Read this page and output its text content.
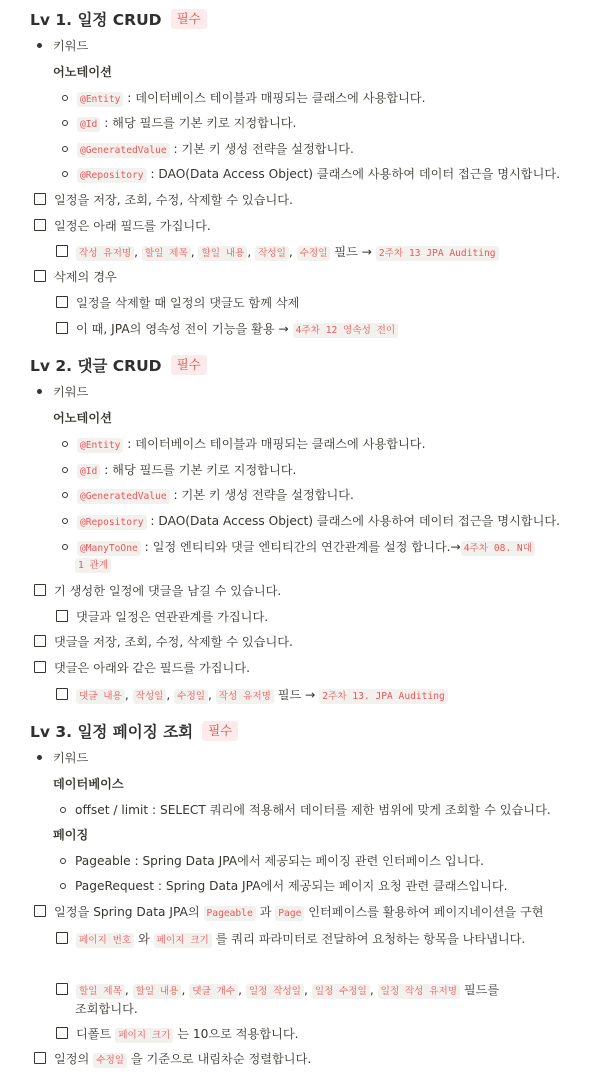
Lv 1. 일정 CRUD	필수
키워드
어노테이션
@Entity : 데이터베이스 테이블과 매핑되는 클래스에 사용합니다.
@Id : 해당 필드를 기본 키로 지정합니다.
@GeneratedValue : 기본 키 생성 전략을 설정합니다.
@Repository : DAO(Data Access Object) 클래스에 사용하여 데이터 접근을 명시합니다.
일정을 저장, 조회, 수정, 삭제할 수 있습니다.
일정은 아래 필드를 가집니다.
작성 유저명 , 할일 제목 , 할일 내용 , 작성일 , 수정일 필드 → 2주차 13 JPA Auditing
삭제의 경우
일정을 삭제할 때 일정의 댓글도 함께 삭제
이 때, JPA의 영속성 전이 기능을 활용 → 4주차 12 영속성 전이
Lv 2. 댓글 CRUD	필수
키워드
어노테이션
@Entity : 데이터베이스 테이블과 매핑되는 클래스에 사용합니다.
@Id : 해당 필드를 기본 키로 지정합니다.
@GeneratedValue : 기본 키 생성 전략을 설정합니다.
@Repository : DAO(Data Access Object) 클래스에 사용하여 데이터 접근을 명시합니다.
@ManyToOne : 일정 엔티티와 댓글 엔티티간의 연간관계를 설정 합니다.→ 4주차 08. N대
1 관계
기 생성한 일정에 댓글을 남길 수 있습니다.
댓글과 일정은 연관관계를 가집니다.
댓글을 저장, 조회, 수정, 삭제할 수 있습니다.
댓글은 아래와 같은 필드를 가집니다.
댓글 내용 , 작성일 , 수정일 , 작성 유저명 필드 → 2주차 13. JPA Auditing
Lv 3. 일정 페이징 조회	필수
키워드
데이터베이스
offset / limit : SELECT 쿼리에 적용해서 데이터를 제한 범위에 맞게 조회할 수 있습니다.
페이징
Pageable : Spring Data JPA에서 제공되는 페이징 관련 인터페이스 입니다.
PageRequest : Spring Data JPA에서 제공되는 페이지 요청 관련 클래스입니다.
일정을 Spring Data JPA의 Pageable 과 Page 인터페이스를 활용하여 페이지네이션을 구현
페이지 번호 와 페이지 크기 를 쿼리 파라미터로 전달하여 요청하는 항목을 나타냅니다.
할일 제목 , 할일 내용 , 댓글 개수 , 일정 작성일 , 일정 수정일 , 일정 작성 유저명 필드를
조회합니다.
디폴트 페이지 크기 는 10으로 적용합니다.
일정의 수정일 을 기준으로 내림차순 정렬합니다.
